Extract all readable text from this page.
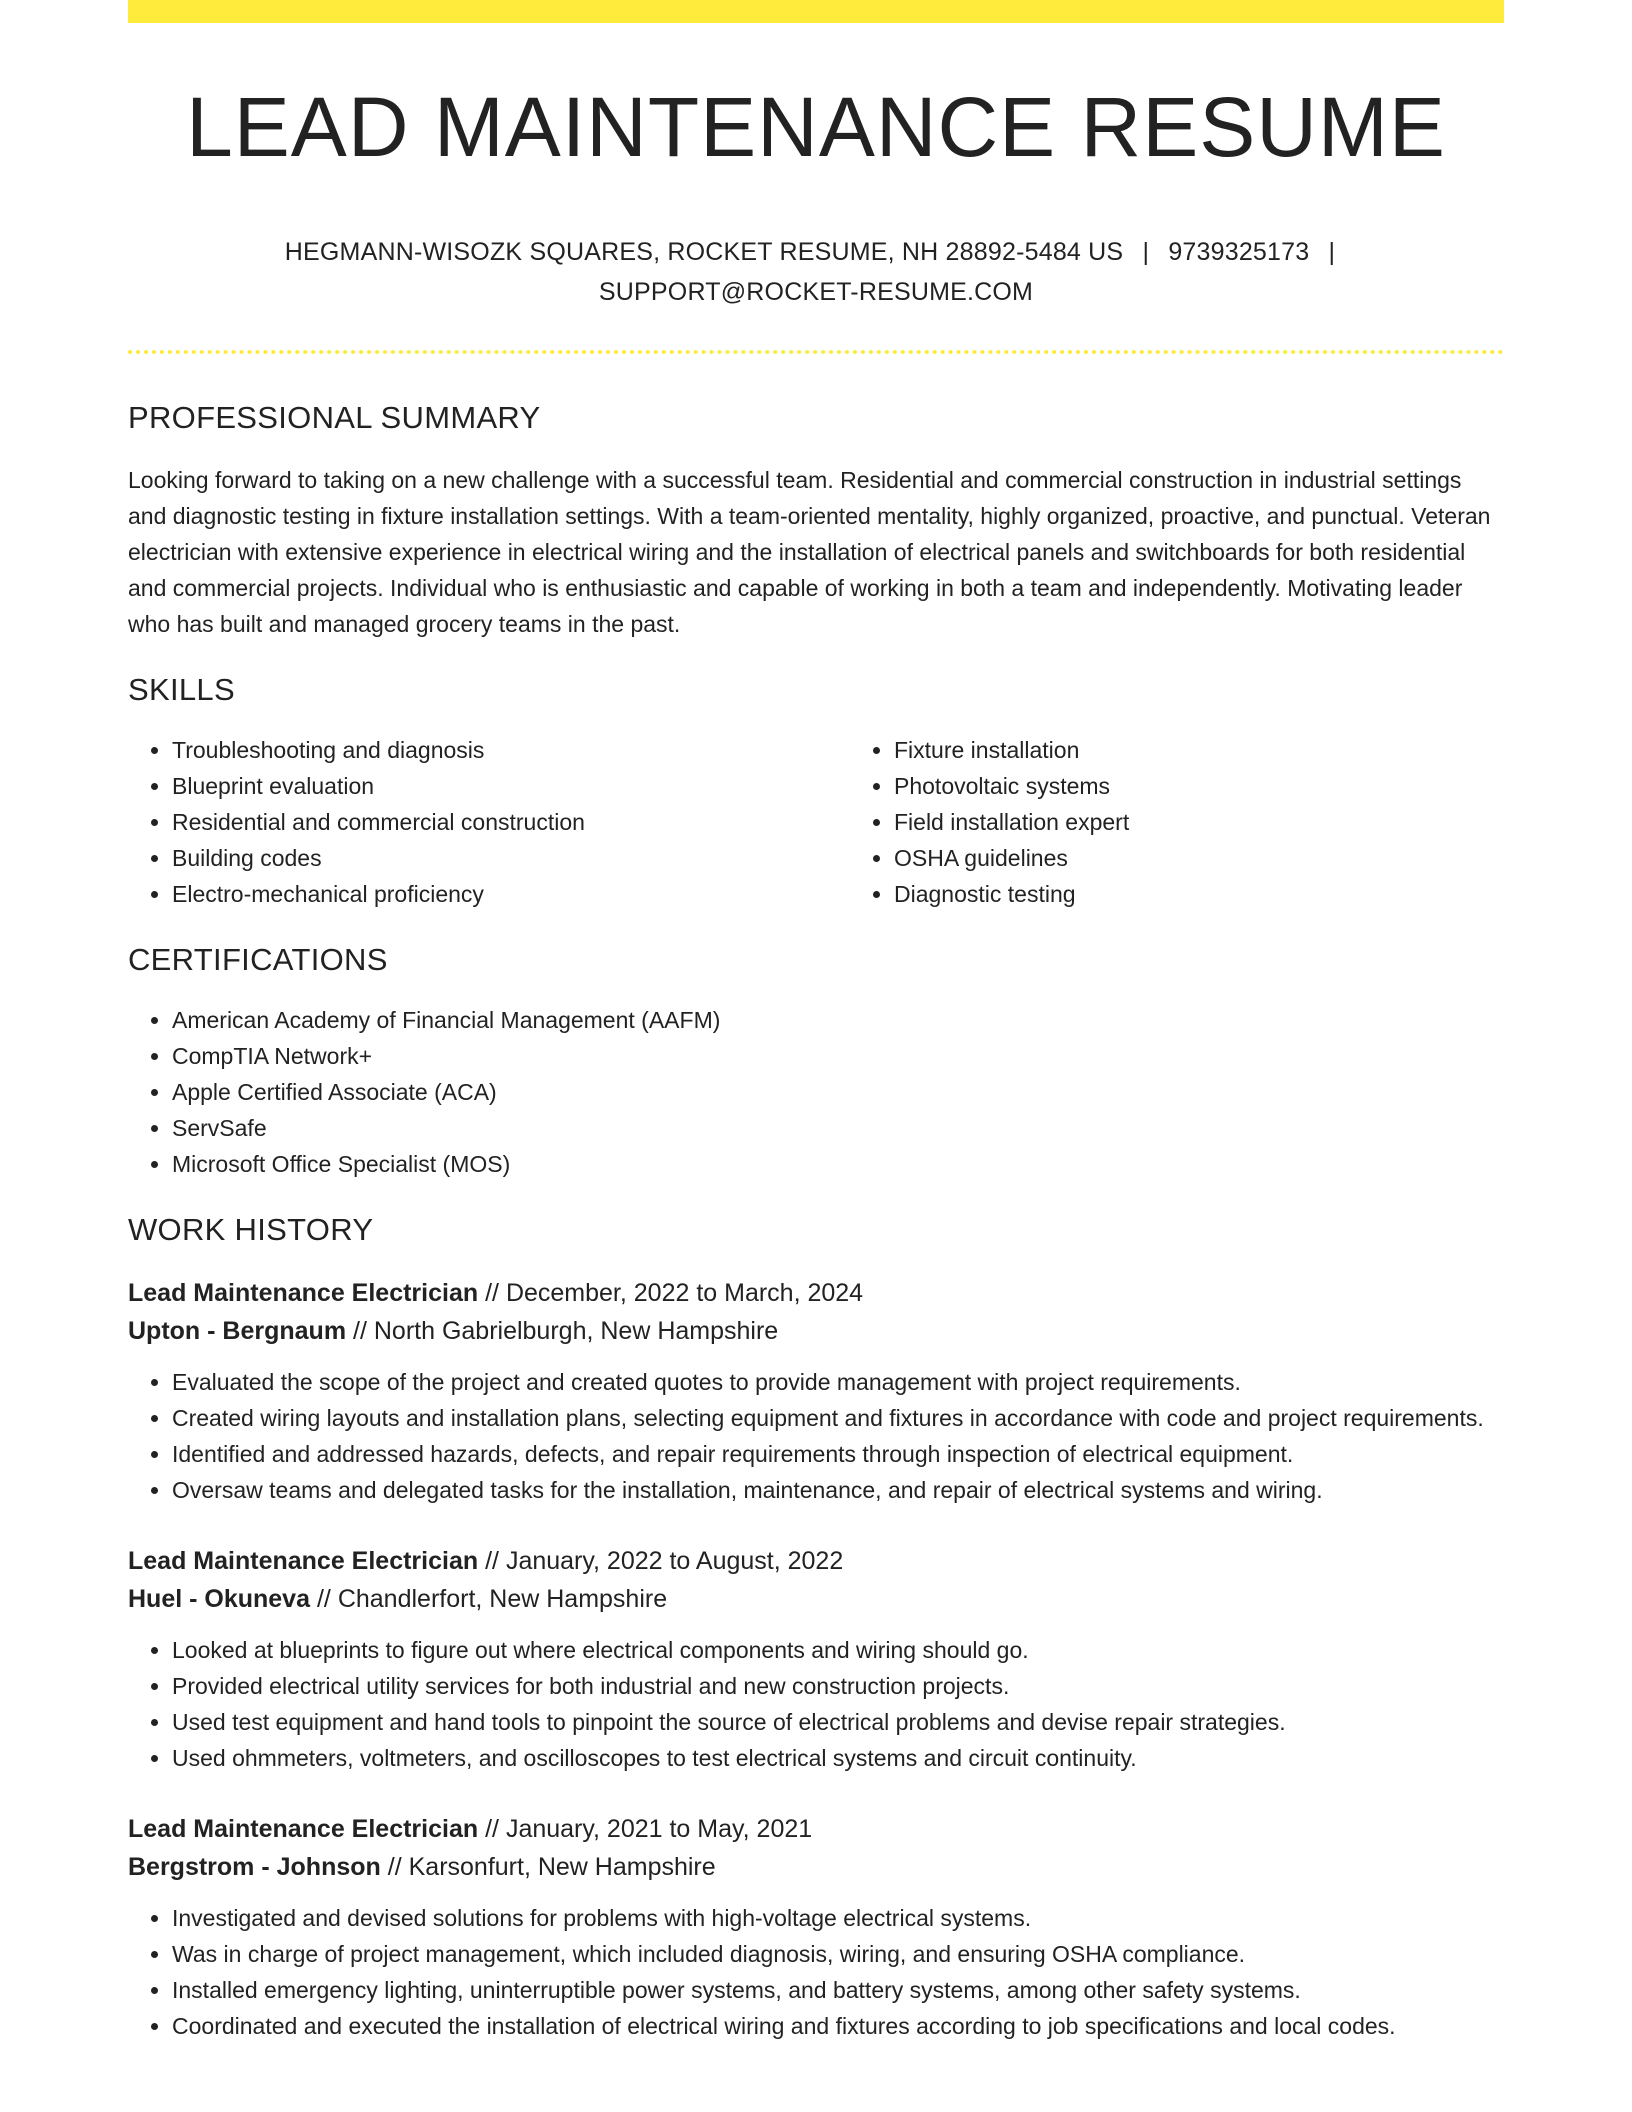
LEAD MAINTENANCE RESUME
HEGMANN-WISOZK SQUARES, ROCKET RESUME, NH 28892-5484 US | 9739325173 |
SUPPORT@ROCKET-RESUME.COM
PROFESSIONAL SUMMARY

Looking forward to taking on a new challenge with a successful team. Residential and commercial construction in industrial settings and diagnostic testing in fixture installation settings. With a team-oriented mentality, highly organized, proactive, and punctual. Veteran electrician with extensive experience in electrical wiring and the installation of electrical panels and switchboards for both residential and commercial projects. Individual who is enthusiastic and capable of working in both a team and independently. Motivating leader who has built and managed grocery teams in the past.

SKILLS
• Troubleshooting and diagnosis
• Blueprint evaluation
• Residential and commercial construction
• Building codes
• Electro-mechanical proficiency
• Fixture installation
• Photovoltaic systems
• Field installation expert
• OSHA guidelines
• Diagnostic testing
CERTIFICATIONS
• American Academy of Financial Management (AAFM)
• CompTIA Network+
• Apple Certified Associate (ACA)
• ServSafe
• Microsoft Office Specialist (MOS)
WORK HISTORY
Lead Maintenance Electrician // December, 2022 to March, 2024
Upton - Bergnaum // North Gabrielburgh, New Hampshire
• Evaluated the scope of the project and created quotes to provide management with project requirements.
• Created wiring layouts and installation plans, selecting equipment and fixtures in accordance with code and project requirements.
• Identified and addressed hazards, defects, and repair requirements through inspection of electrical equipment.
• Oversaw teams and delegated tasks for the installation, maintenance, and repair of electrical systems and wiring.
Lead Maintenance Electrician // January, 2022 to August, 2022
Huel - Okuneva // Chandlerfort, New Hampshire
• Looked at blueprints to figure out where electrical components and wiring should go.
• Provided electrical utility services for both industrial and new construction projects.
• Used test equipment and hand tools to pinpoint the source of electrical problems and devise repair strategies.
• Used ohmmeters, voltmeters, and oscilloscopes to test electrical systems and circuit continuity.
Lead Maintenance Electrician // January, 2021 to May, 2021
Bergstrom - Johnson // Karsonfurt, New Hampshire
• Investigated and devised solutions for problems with high-voltage electrical systems.
• Was in charge of project management, which included diagnosis, wiring, and ensuring OSHA compliance.
• Installed emergency lighting, uninterruptible power systems, and battery systems, among other safety systems.
• Coordinated and executed the installation of electrical wiring and fixtures according to job specifications and local codes.
